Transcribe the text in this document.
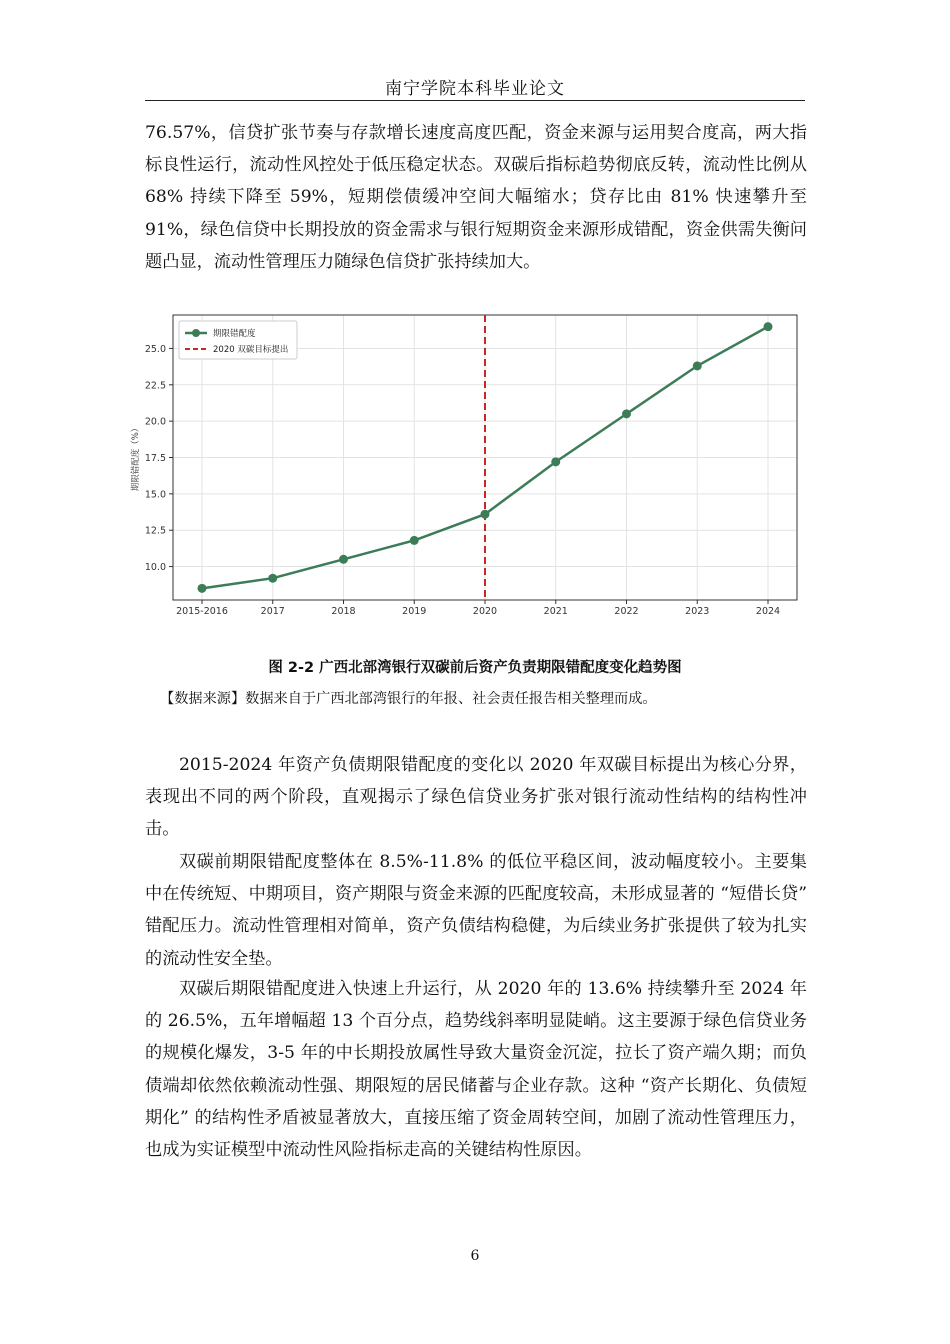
南宁学院本科毕业论文

76.57%，信贷扩张节奏与存款增长速度高度匹配，资金来源与运用契合度高，两大指标良性运行，流动性风控处于低压稳定状态。双碳后指标趋势彻底反转，流动性比例从 68% 持续下降至 59%，短期偿债缓冲空间大幅缩水；贷存比由 81% 快速攀升至 91%，绿色信贷中长期投放的资金需求与银行短期资金来源形成错配，资金供需失衡问题凸显，流动性管理压力随绿色信贷扩张持续加大。

10.0
12.5
15.0
17.5
20.0
22.5
25.0
2015-2016	2017	2018	2019	2020	2021	2022	2023	2024
期限错配度（%）
期限错配度
2020 双碳目标提出
图 2-2 广西北部湾银行双碳前后资产负责期限错配度变化趋势图
【数据来源】数据来自于广西北部湾银行的年报、社会责任报告相关整理而成。

2015-2024 年资产负债期限错配度的变化以 2020 年双碳目标提出为核心分界，表现出不同的两个阶段，直观揭示了绿色信贷业务扩张对银行流动性结构的结构性冲击。

双碳前期限错配度整体在 8.5%-11.8% 的低位平稳区间，波动幅度较小。主要集中在传统短、中期项目，资产期限与资金来源的匹配度较高，未形成显著的 “短借长贷” 错配压力。流动性管理相对简单，资产负债结构稳健，为后续业务扩张提供了较为扎实的流动性安全垫。

双碳后期限错配度进入快速上升运行，从 2020 年的 13.6% 持续攀升至 2024 年的 26.5%，五年增幅超 13 个百分点，趋势线斜率明显陡峭。这主要源于绿色信贷业务的规模化爆发，3-5 年的中长期投放属性导致大量资金沉淀，拉长了资产端久期；而负债端却依然依赖流动性强、期限短的居民储蓄与企业存款。这种 “资产长期化、负债短期化” 的结构性矛盾被显著放大，直接压缩了资金周转空间，加剧了流动性管理压力，也成为实证模型中流动性风险指标走高的关键结构性原因。

6
